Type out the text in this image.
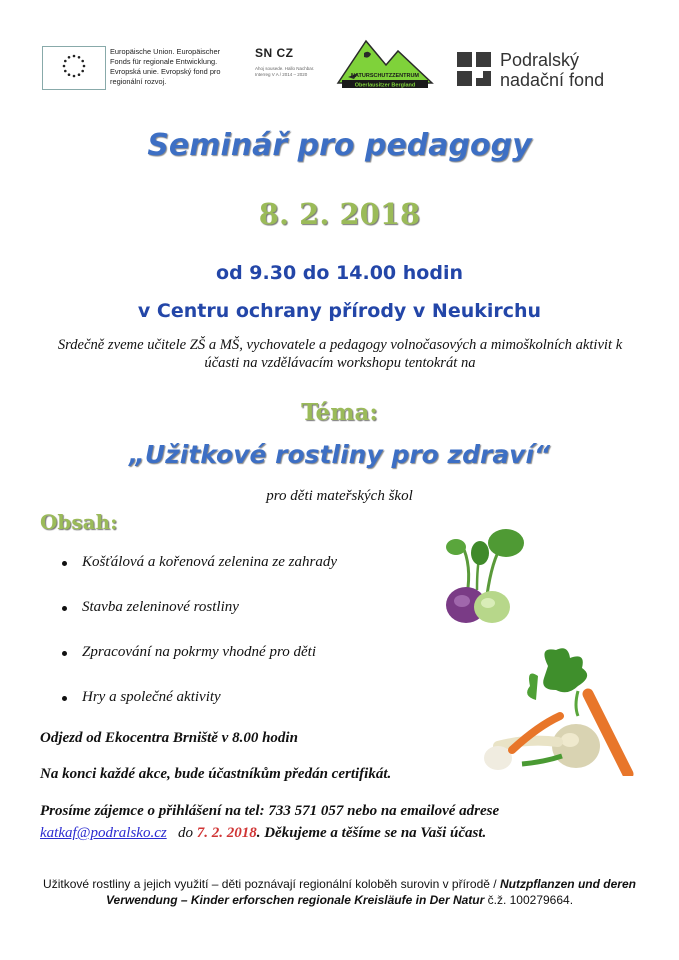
Europäische Union. Europäischer
Fonds für regionale Entwicklung.
Evropská unie. Evropský fond pro
regionální rozvoj.
SN CZ
Ahoj sousede. Hallo Nachbar.
Interreg V A / 2014 – 2020	NATURSCHUTZZENTRUM
Oberlausitzer Bergland
Podralský
nadační fond
Seminář pro pedagogy
8. 2. 2018
od 9.30 do 14.00 hodin
v Centru ochrany přírody v Neukirchu
Srdečně zveme učitele ZŠ a MŠ, vychovatele a pedagogy volnočasových a mimoškolních aktivit k účasti na vzdělávacím workshopu tentokrát na
Téma:
„Užitkové rostliny pro zdraví“
pro děti mateřských škol
Obsah:
Košťálová a kořenová zelenina ze zahrady
Stavba zeleninové rostliny
Zpracování na pokrmy vhodné pro děti
Hry a společné aktivity
Odjezd od Ekocentra Brniště v 8.00 hodin
Na konci každé akce, bude účastníkům předán certifikát.
Prosíme zájemce o přihlášení na tel: 733 571 057 nebo na emailové adrese
katkaf@podralsko.cz do 7. 2. 2018. Děkujeme a těšíme se na Vaši účast.
Užitkové rostliny a jejich využití – děti poznávají regionální koloběh surovin v přírodě / Nutzpflanzen und deren Verwendung – Kinder erforschen regionale Kreisläufe in Der Natur č.ž. 100279664.
